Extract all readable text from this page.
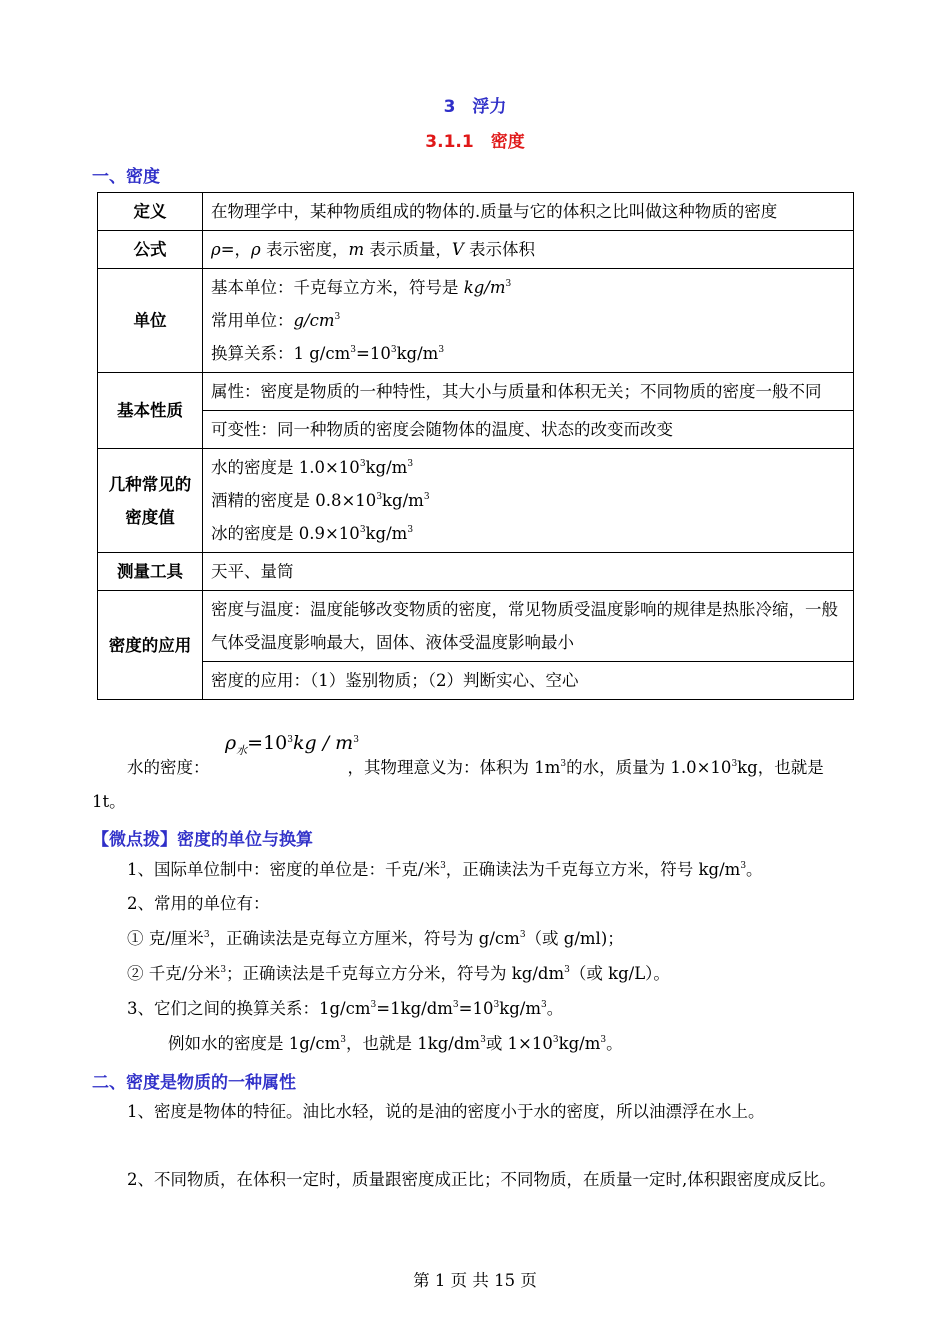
3　浮力
3.1.1　密度
一、密度
定义	在物理学中，某种物质组成的物体的.质量与它的体积之比叫做这种物质的密度
公式	ρ=，ρ 表示密度，m 表示质量，V 表示体积
单位	基本单位：千克每立方米，符号是 $kg/m^3$
常用单位：$g/cm^3$
换算关系：1 $g/cm^3=10^3kg/m^3$

基本性质	属性：密度是物质的一种特性，其大小与质量和体积无关；不同物质的密度一般不同
	可变性：同一种物质的密度会随物体的温度、状态的改变而改变
几种常见的密度值	水的密度是 $1.0\times 10^3kg/m^3$
酒精的密度是 $0.8\times 10^3kg/m^3$
冰的密度是 $0.9\times 10^3kg/m^3$

测量工具	天平、量筒
密度的应用	密度与温度：温度能够改变物质的密度，常见物质受温度影响的规律是热胀冷缩，一般气体受温度影响最大，固体、液体受温度影响最小
	密度的应用：（1）鉴别物质；（2）判断实心、空心
$\rho_水=10^3kg / m^3$
水的密度：	，其物理意义为：体积为 $1m^3$的水，质量为 $1.0\times 10^3kg$，也就是 1t。
【微点拨】密度的单位与换算
1、国际单位制中：密度的单位是：千克/米$^3$，正确读法为千克每立方米，符号 $kg/m^3$。
2、常用的单位有：
① 克/厘米$^3$，正确读法是克每立方厘米，符号为 $g/cm^3$（或 g/ml)；
② 千克/分米$^3$；正确读法是千克每立方分米，符号为 $kg/dm^3$（或 kg/L）。
3、它们之间的换算关系：$1g/cm^3=1kg/dm^3=10^3kg/m^3$。
例如水的密度是 $1g/cm^3$，也就是 $1kg/dm^3$或 $1\times 10^3kg/m^3$。
二、密度是物质的一种属性
1、密度是物体的特征。油比水轻，说的是油的密度小于水的密度，所以油漂浮在水上。
2、不同物质，在体积一定时，质量跟密度成正比；不同物质，在质量一定时,体积跟密度成反比。
第 1 页 共 15 页
